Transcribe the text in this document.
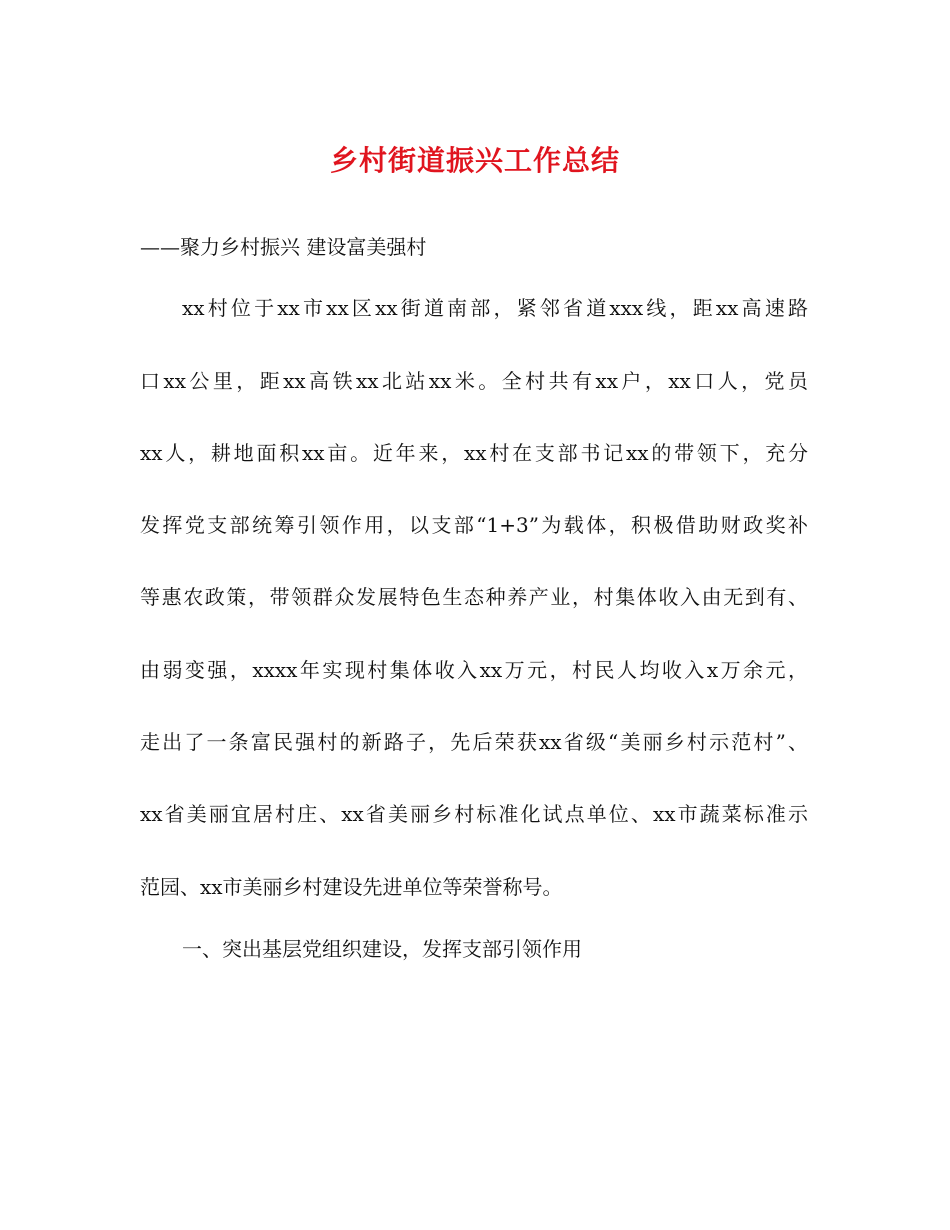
乡村街道振兴工作总结
——聚力乡村振兴 建设富美强村
xx村位于xx市xx区xx街道南部，紧邻省道xxx线，距xx高速路
口xx公里，距xx高铁xx北站xx米。全村共有xx户，xx口人，党员
xx人，耕地面积xx亩。近年来，xx村在支部书记xx的带领下，充分
发挥党支部统筹引领作用，以支部“1+3”为载体，积极借助财政奖补
等惠农政策，带领群众发展特色生态种养产业，村集体收入由无到有、
由弱变强，xxxx年实现村集体收入xx万元，村民人均收入x万余元，
走出了一条富民强村的新路子，先后荣获xx省级“美丽乡村示范村”、
xx省美丽宜居村庄、xx省美丽乡村标准化试点单位、xx市蔬菜标准示
范园、xx市美丽乡村建设先进单位等荣誉称号。
一、突出基层党组织建设，发挥支部引领作用
